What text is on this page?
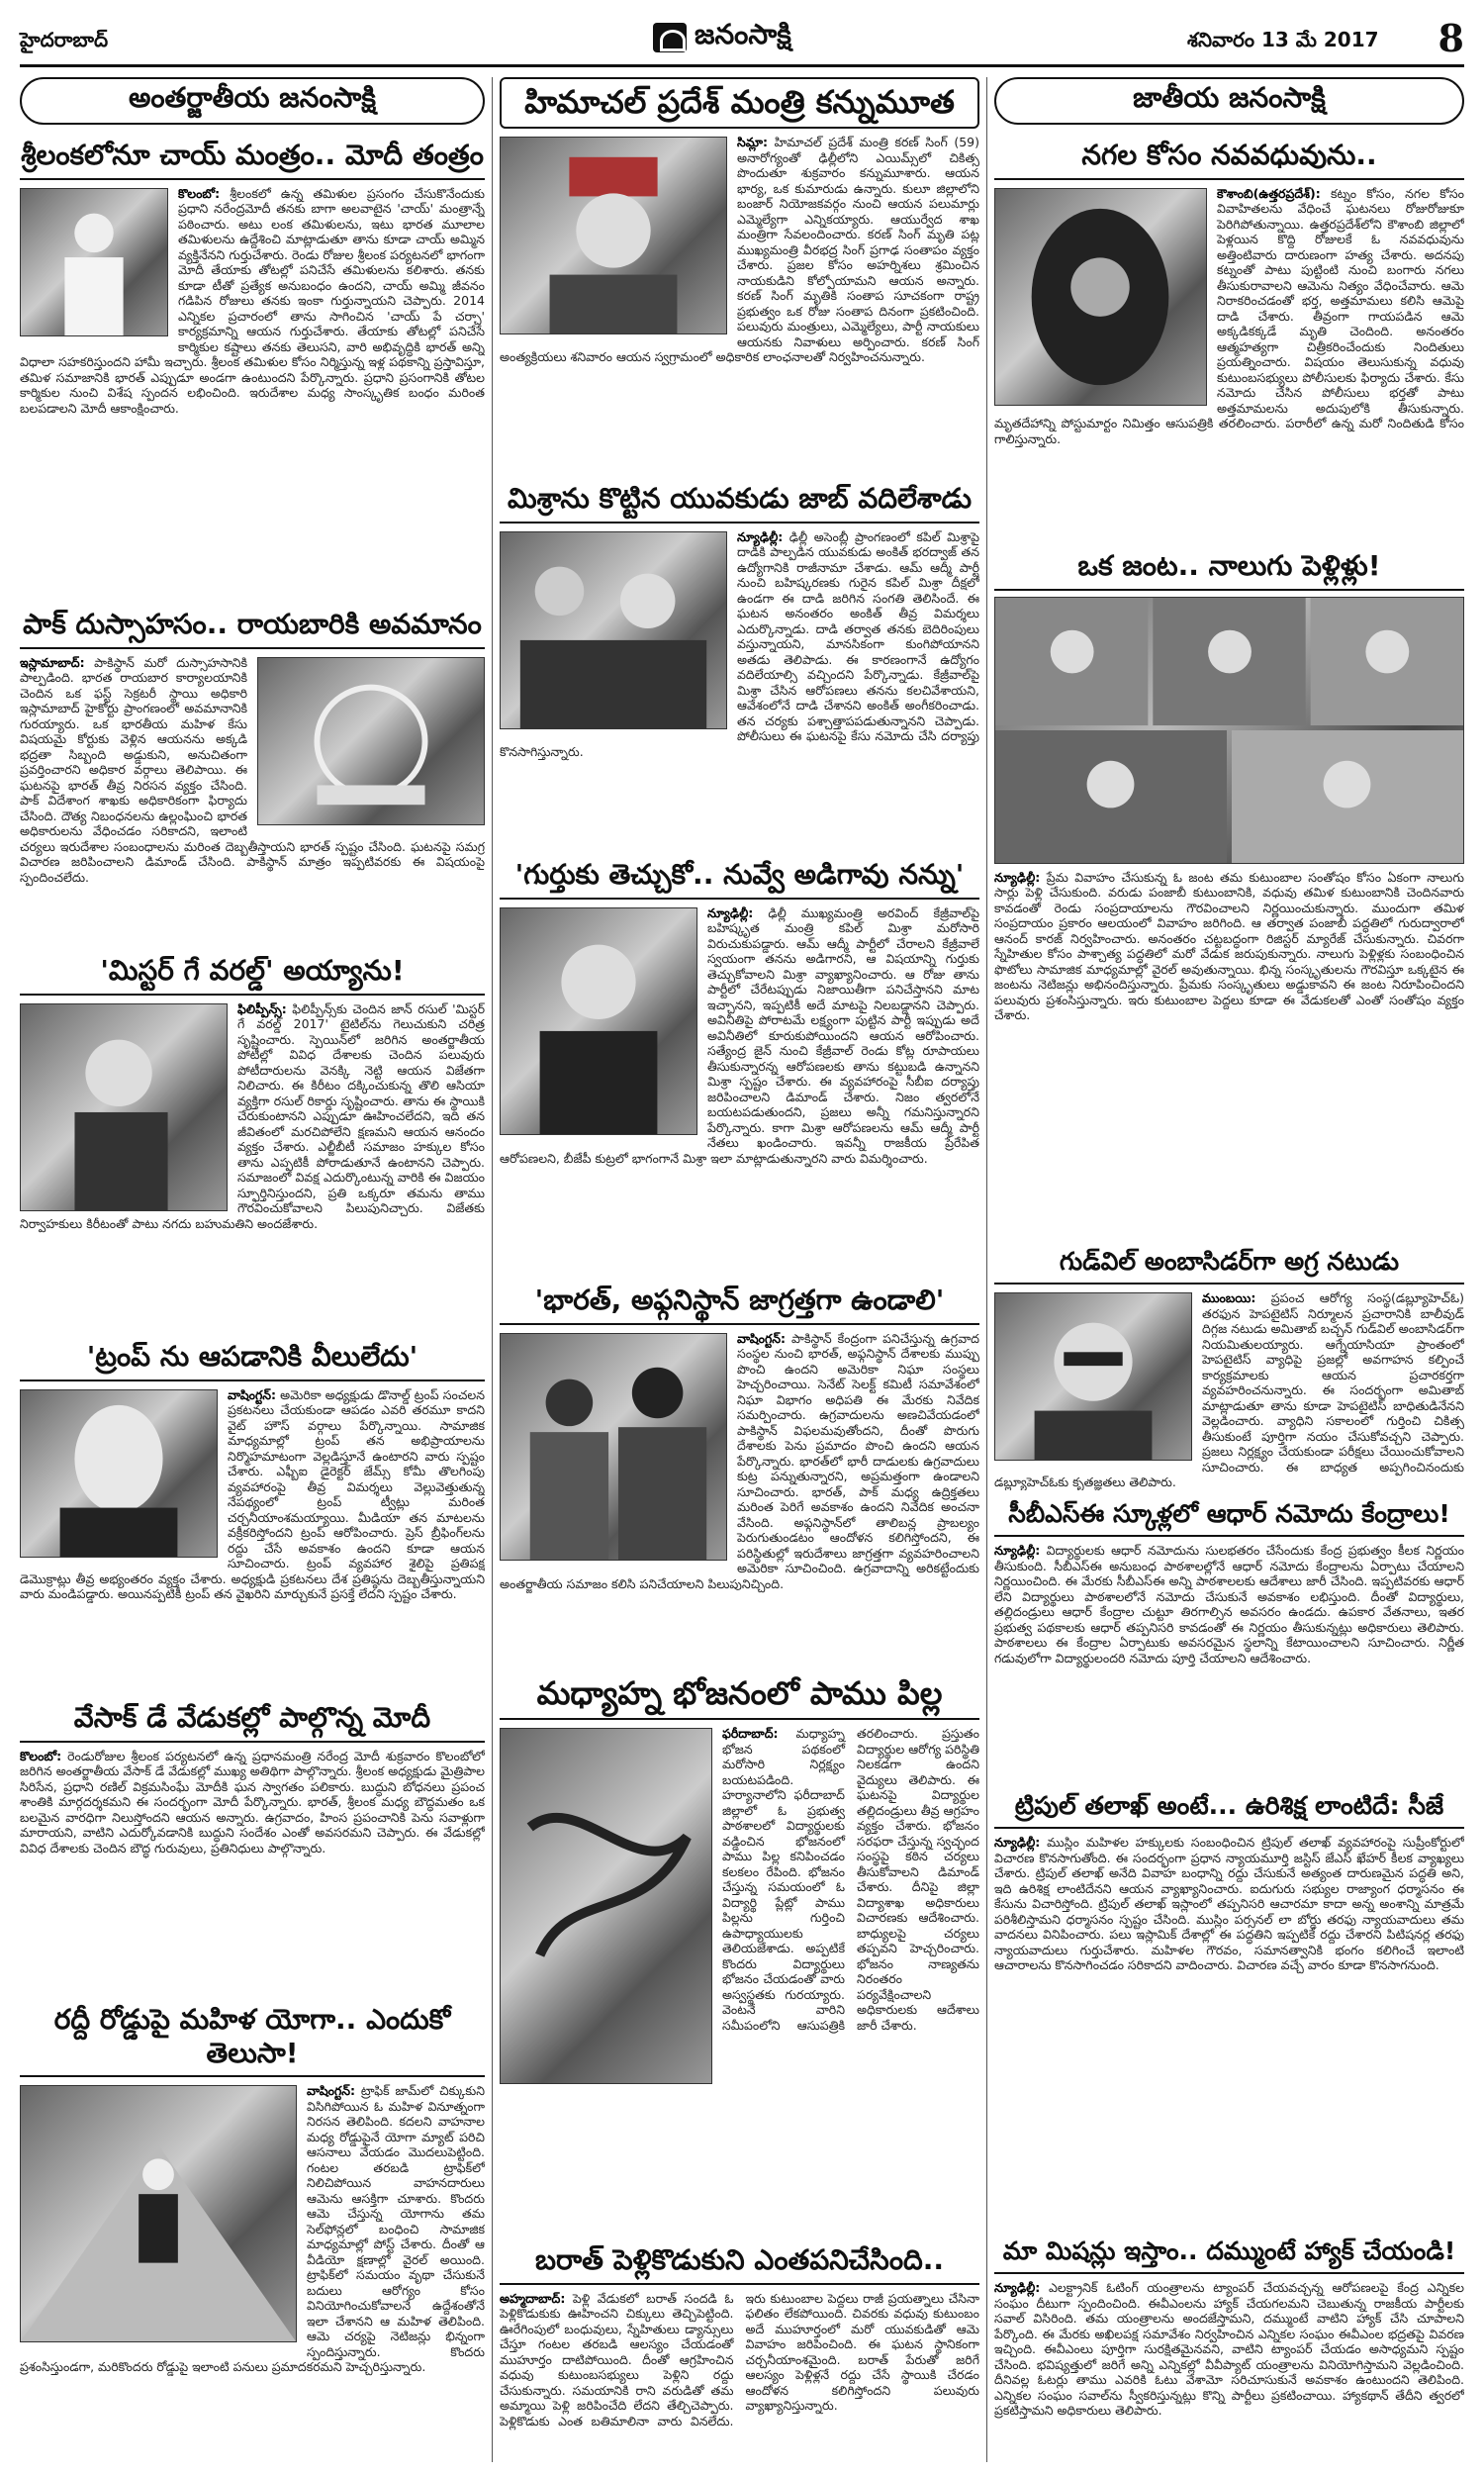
హైదరాబాద్	జనంసాక్షి	శనివారం 13 మే 2017 8
అంతర్జాతీయ జనంసాక్షి
శ్రీలంకలోనూ చాయ్ మంత్రం.. మోదీ తంత్రం
కొలంబో: శ్రీలంకలో ఉన్న తమిళుల ప్రసంగం చేసుకొనేందుకు ప్రధాని నరేంద్రమోదీ తనకు బాగా అలవాటైన 'చాయ్' మంత్రాన్నే పఠించారు. అటు లంక తమిళులను, ఇటు భారత మూలాల తమిళులను ఉద్దేశించి మాట్లాడుతూ తాను కూడా చాయ్ అమ్మిన వ్యక్తినేనని గుర్తుచేశారు. రెండు రోజుల శ్రీలంక పర్యటనలో భాగంగా మోదీ తేయాకు తోటల్లో పనిచేసే తమిళులను కలిశారు. తనకు కూడా టీతో ప్రత్యేక అనుబంధం ఉందని, చాయ్ అమ్మి జీవనం గడిపిన రోజులు తనకు ఇంకా గుర్తున్నాయని చెప్పారు. 2014 ఎన్నికల ప్రచారంలో తాను సాగించిన 'చాయ్ పే చర్చా' కార్యక్రమాన్ని ఆయన గుర్తుచేశారు. తేయాకు తోటల్లో పనిచేసే కార్మికుల కష్టాలు తనకు తెలుసని, వారి అభివృద్ధికి భారత్ అన్ని విధాలా సహకరిస్తుందని హామీ ఇచ్చారు. శ్రీలంక తమిళుల కోసం నిర్మిస్తున్న ఇళ్ల పథకాన్ని ప్రస్తావిస్తూ, తమిళ సమాజానికి భారత్ ఎప్పుడూ అండగా ఉంటుందని పేర్కొన్నారు. ప్రధాని ప్రసంగానికి తోటల కార్మికుల నుంచి విశేష స్పందన లభించింది. ఇరుదేశాల మధ్య సాంస్కృతిక బంధం మరింత బలపడాలని మోదీ ఆకాంక్షించారు.
పాక్ దుస్సాహసం.. రాయబారికి అవమానం
ఇస్లామాబాద్: పాకిస్థాన్ మరో దుస్సాహసానికి పాల్పడింది. భారత రాయబార కార్యాలయానికి చెందిన ఒక ఫస్ట్ సెక్రటరీ స్థాయి అధికారి ఇస్లామాబాద్ హైకోర్టు ప్రాంగణంలో అవమానానికి గురయ్యారు. ఒక భారతీయ మహిళ కేసు విషయమై కోర్టుకు వెళ్లిన ఆయనను అక్కడి భద్రతా సిబ్బంది అడ్డుకుని, అనుచితంగా ప్రవర్తించారని అధికార వర్గాలు తెలిపాయి. ఈ ఘటనపై భారత్ తీవ్ర నిరసన వ్యక్తం చేసింది. పాక్ విదేశాంగ శాఖకు అధికారికంగా ఫిర్యాదు చేసింది. దౌత్య నిబంధనలను ఉల్లంఘించి భారత అధికారులను వేధించడం సరికాదని, ఇలాంటి చర్యలు ఇరుదేశాల సంబంధాలను మరింత దెబ్బతీస్తాయని భారత్ స్పష్టం చేసింది. ఘటనపై సమగ్ర విచారణ జరిపించాలని డిమాండ్ చేసింది. పాకిస్థాన్ మాత్రం ఇప్పటివరకు ఈ విషయంపై స్పందించలేదు.
'మిస్టర్ గే వరల్డ్' అయ్యాను!
ఫిలిప్పీన్స్: ఫిలిప్పీన్స్‌కు చెందిన జాన్ రసుల్ 'మిస్టర్ గే వరల్డ్ 2017' టైటిల్‌ను గెలుచుకుని చరిత్ర సృష్టించారు. స్పెయిన్‌లో జరిగిన అంతర్జాతీయ పోటీల్లో వివిధ దేశాలకు చెందిన పలువురు పోటీదారులను వెనక్కి నెట్టి ఆయన విజేతగా నిలిచారు. ఈ కిరీటం దక్కించుకున్న తొలి ఆసియా వ్యక్తిగా రసుల్ రికార్డు సృష్టించారు. తాను ఈ స్థాయికి చేరుకుంటానని ఎప్పుడూ ఊహించలేదని, ఇది తన జీవితంలో మరచిపోలేని క్షణమని ఆయన ఆనందం వ్యక్తం చేశారు. ఎల్జీబీటీ సమాజం హక్కుల కోసం తాను ఎప్పటికీ పోరాడుతూనే ఉంటానని చెప్పారు. సమాజంలో వివక్ష ఎదుర్కొంటున్న వారికి ఈ విజయం స్ఫూర్తినిస్తుందని, ప్రతి ఒక్కరూ తమను తాము గౌరవించుకోవాలని పిలుపునిచ్చారు. విజేతకు నిర్వాహకులు కిరీటంతో పాటు నగదు బహుమతిని అందజేశారు.
'ట్రంప్ ను ఆపడానికి వీలులేదు'
వాషింగ్టన్: అమెరికా అధ్యక్షుడు డొనాల్డ్ ట్రంప్ సంచలన ప్రకటనలు చేయకుండా ఆపడం ఎవరి తరమూ కాదని వైట్ హౌస్ వర్గాలు పేర్కొన్నాయి. సామాజిక మాధ్యమాల్లో ట్రంప్ తన అభిప్రాయాలను నిర్మొహమాటంగా వెల్లడిస్తూనే ఉంటారని వారు స్పష్టం చేశారు. ఎఫ్బీఐ డైరెక్టర్ జేమ్స్ కోమీ తొలగింపు వ్యవహారంపై తీవ్ర విమర్శలు వెల్లువెత్తుతున్న నేపథ్యంలో ట్రంప్ ట్వీట్లు మరింత చర్చనీయాంశమయ్యాయి. మీడియా తన మాటలను వక్రీకరిస్తోందని ట్రంప్ ఆరోపించారు. ప్రెస్ బ్రీఫింగ్‌లను రద్దు చేసే అవకాశం ఉందని కూడా ఆయన సూచించారు. ట్రంప్ వ్యవహార శైలిపై ప్రతిపక్ష డెమొక్రాట్లు తీవ్ర అభ్యంతరం వ్యక్తం చేశారు. అధ్యక్షుడి ప్రకటనలు దేశ ప్రతిష్ఠను దెబ్బతీస్తున్నాయని వారు మండిపడ్డారు. అయినప్పటికీ ట్రంప్ తన వైఖరిని మార్చుకునే ప్రసక్తే లేదని స్పష్టం చేశారు.
వేసాక్ డే వేడుకల్లో పాల్గొన్న మోదీ
కొలంబో: రెండురోజుల శ్రీలంక పర్యటనలో ఉన్న ప్రధానమంత్రి నరేంద్ర మోదీ శుక్రవారం కొలంబోలో జరిగిన అంతర్జాతీయ వేసాక్ డే వేడుకల్లో ముఖ్య అతిథిగా పాల్గొన్నారు. శ్రీలంక అధ్యక్షుడు మైత్రిపాల సిరిసేన, ప్రధాని రణిల్ విక్రమసింఘే మోదీకి ఘన స్వాగతం పలికారు. బుద్ధుని బోధనలు ప్రపంచ శాంతికి మార్గదర్శకమని ఈ సందర్భంగా మోదీ పేర్కొన్నారు. భారత్, శ్రీలంక మధ్య బౌద్ధమతం ఒక బలమైన వారధిగా నిలుస్తోందని ఆయన అన్నారు. ఉగ్రవాదం, హింస ప్రపంచానికి పెను సవాళ్లుగా మారాయని, వాటిని ఎదుర్కోవడానికి బుద్ధుని సందేశం ఎంతో అవసరమని చెప్పారు. ఈ వేడుకల్లో వివిధ దేశాలకు చెందిన బౌద్ధ గురువులు, ప్రతినిధులు పాల్గొన్నారు.
రద్దీ రోడ్డుపై మహిళ యోగా.. ఎందుకో తెలుసా!
వాషింగ్టన్: ట్రాఫిక్ జామ్‌లో చిక్కుకుని విసిగిపోయిన ఓ మహిళ వినూత్నంగా నిరసన తెలిపింది. కదలని వాహనాల మధ్య రోడ్డుపైనే యోగా మ్యాట్ పరిచి ఆసనాలు వేయడం మొదలుపెట్టింది. గంటల తరబడి ట్రాఫిక్‌లో నిలిచిపోయిన వాహనదారులు ఆమెను ఆసక్తిగా చూశారు. కొందరు ఆమె చేస్తున్న యోగాను తమ సెల్‌ఫోన్లలో బంధించి సామాజిక మాధ్యమాల్లో పోస్ట్ చేశారు. దీంతో ఆ వీడియో క్షణాల్లో వైరల్ అయింది. ట్రాఫిక్‌లో సమయం వృథా చేసుకునే బదులు ఆరోగ్యం కోసం వినియోగించుకోవాలనే ఉద్దేశంతోనే ఇలా చేశానని ఆ మహిళ తెలిపింది. ఆమె చర్యపై నెటిజన్లు భిన్నంగా స్పందిస్తున్నారు. కొందరు ప్రశంసిస్తుండగా, మరికొందరు రోడ్డుపై ఇలాంటి పనులు ప్రమాదకరమని హెచ్చరిస్తున్నారు.
హిమాచల్ ప్రదేశ్ మంత్రి కన్నుమూత
సిమ్లా: హిమాచల్ ప్రదేశ్ మంత్రి కరణ్ సింగ్ (59) అనారోగ్యంతో ఢిల్లీలోని ఎయిమ్స్‌లో చికిత్స పొందుతూ శుక్రవారం కన్నుమూశారు. ఆయన భార్య, ఒక కుమారుడు ఉన్నారు. కులూ జిల్లాలోని బంజార్ నియోజకవర్గం నుంచి ఆయన పలుమార్లు ఎమ్మెల్యేగా ఎన్నికయ్యారు. ఆయుర్వేద శాఖ మంత్రిగా సేవలందించారు. కరణ్ సింగ్ మృతి పట్ల ముఖ్యమంత్రి వీరభద్ర సింగ్ ప్రగాఢ సంతాపం వ్యక్తం చేశారు. ప్రజల కోసం అహర్నిశలు శ్రమించిన నాయకుడిని కోల్పోయామని ఆయన అన్నారు. కరణ్ సింగ్ మృతికి సంతాప సూచకంగా రాష్ట్ర ప్రభుత్వం ఒక రోజు సంతాప దినంగా ప్రకటించింది. పలువురు మంత్రులు, ఎమ్మెల్యేలు, పార్టీ నాయకులు ఆయనకు నివాళులు అర్పించారు. కరణ్ సింగ్ అంత్యక్రియలు శనివారం ఆయన స్వగ్రామంలో అధికారిక లాంఛనాలతో నిర్వహించనున్నారు.
మిశ్రాను కొట్టిన యువకుడు జాబ్ వదిలేశాడు
న్యూఢిల్లీ: ఢిల్లీ అసెంబ్లీ ప్రాంగణంలో కపిల్ మిశ్రాపై దాడికి పాల్పడిన యువకుడు అంకిత్ భరద్వాజ్ తన ఉద్యోగానికి రాజీనామా చేశాడు. ఆమ్ ఆద్మీ పార్టీ నుంచి బహిష్కరణకు గురైన కపిల్ మిశ్రా దీక్షలో ఉండగా ఈ దాడి జరిగిన సంగతి తెలిసిందే. ఈ ఘటన అనంతరం అంకిత్ తీవ్ర విమర్శలు ఎదుర్కొన్నాడు. దాడి తర్వాత తనకు బెదిరింపులు వస్తున్నాయని, మానసికంగా కుంగిపోయానని అతడు తెలిపాడు. ఈ కారణంగానే ఉద్యోగం వదిలేయాల్సి వచ్చిందని పేర్కొన్నాడు. కేజ్రీవాల్‌పై మిశ్రా చేసిన ఆరోపణలు తనను కలచివేశాయని, ఆవేశంలోనే దాడి చేశానని అంకిత్ అంగీకరించాడు. తన చర్యకు పశ్చాత్తాపపడుతున్నానని చెప్పాడు. పోలీసులు ఈ ఘటనపై కేసు నమోదు చేసి దర్యాప్తు కొనసాగిస్తున్నారు.
'గుర్తుకు తెచ్చుకో.. నువ్వే అడిగావు నన్ను'
న్యూఢిల్లీ: ఢిల్లీ ముఖ్యమంత్రి అరవింద్ కేజ్రీవాల్‌పై బహిష్కృత మంత్రి కపిల్ మిశ్రా మరోసారి విరుచుకుపడ్డారు. ఆమ్ ఆద్మీ పార్టీలో చేరాలని కేజ్రీవాలే స్వయంగా తనను అడిగారని, ఆ విషయాన్ని గుర్తుకు తెచ్చుకోవాలని మిశ్రా వ్యాఖ్యానించారు. ఆ రోజు తాను పార్టీలో చేరేటప్పుడు నిజాయితీగా పనిచేస్తానని మాట ఇచ్చానని, ఇప్పటికీ అదే మాటపై నిలబడ్డానని చెప్పారు. అవినీతిపై పోరాటమే లక్ష్యంగా పుట్టిన పార్టీ ఇప్పుడు అదే అవినీతిలో కూరుకుపోయిందని ఆయన ఆరోపించారు. సత్యేంద్ర జైన్ నుంచి కేజ్రీవాల్ రెండు కోట్ల రూపాయలు తీసుకున్నారన్న ఆరోపణలకు తాను కట్టుబడి ఉన్నానని మిశ్రా స్పష్టం చేశారు. ఈ వ్యవహారంపై సీబీఐ దర్యాప్తు జరిపించాలని డిమాండ్ చేశారు. నిజం త్వరలోనే బయటపడుతుందని, ప్రజలు అన్నీ గమనిస్తున్నారని పేర్కొన్నారు. కాగా మిశ్రా ఆరోపణలను ఆమ్ ఆద్మీ పార్టీ నేతలు ఖండించారు. ఇవన్నీ రాజకీయ ప్రేరేపిత ఆరోపణలని, బీజేపీ కుట్రలో భాగంగానే మిశ్రా ఇలా మాట్లాడుతున్నారని వారు విమర్శించారు.
'భారత్, అఫ్గనిస్థాన్ జాగ్రత్తగా ఉండాలి'
వాషింగ్టన్: పాకిస్థాన్ కేంద్రంగా పనిచేస్తున్న ఉగ్రవాద సంస్థల నుంచి భారత్, అఫ్గనిస్థాన్ దేశాలకు ముప్పు పొంచి ఉందని అమెరికా నిఘా సంస్థలు హెచ్చరించాయి. సెనేట్ సెలక్ట్ కమిటీ సమావేశంలో నిఘా విభాగం అధిపతి ఈ మేరకు నివేదిక సమర్పించారు. ఉగ్రవాదులను అణచివేయడంలో పాకిస్థాన్ విఫలమవుతోందని, దీంతో పొరుగు దేశాలకు పెను ప్రమాదం పొంచి ఉందని ఆయన పేర్కొన్నారు. భారత్‌లో భారీ దాడులకు ఉగ్రవాదులు కుట్ర పన్నుతున్నారని, అప్రమత్తంగా ఉండాలని సూచించారు. భారత్, పాక్ మధ్య ఉద్రిక్తతలు మరింత పెరిగే అవకాశం ఉందని నివేదిక అంచనా వేసింది. అఫ్గనిస్థాన్‌లో తాలిబన్ల ప్రాబల్యం పెరుగుతుండటం ఆందోళన కలిగిస్తోందని, ఈ పరిస్థితుల్లో ఇరుదేశాలు జాగ్రత్తగా వ్యవహరించాలని అమెరికా సూచించింది. ఉగ్రవాదాన్ని అరికట్టేందుకు అంతర్జాతీయ సమాజం కలిసి పనిచేయాలని పిలుపునిచ్చింది.
మధ్యాహ్న భోజనంలో పాము పిల్ల
ఫరీదాబాద్: మధ్యాహ్న భోజన పథకంలో మరోసారి నిర్లక్ష్యం బయటపడింది. హర్యానాలోని ఫరీదాబాద్ జిల్లాలో ఓ ప్రభుత్వ పాఠశాలలో విద్యార్థులకు వడ్డించిన భోజనంలో పాము పిల్ల కనిపించడం కలకలం రేపింది. భోజనం చేస్తున్న సమయంలో ఓ విద్యార్థి ప్లేట్లో పాము పిల్లను గుర్తించి ఉపాధ్యాయులకు తెలియజేశాడు. అప్పటికే కొందరు విద్యార్థులు భోజనం చేయడంతో వారు అస్వస్థతకు గురయ్యారు. వెంటనే వారిని సమీపంలోని ఆసుపత్రికి తరలించారు. ప్రస్తుతం విద్యార్థుల ఆరోగ్య పరిస్థితి నిలకడగా ఉందని వైద్యులు తెలిపారు. ఈ ఘటనపై విద్యార్థుల తల్లిదండ్రులు తీవ్ర ఆగ్రహం వ్యక్తం చేశారు. భోజనం సరఫరా చేస్తున్న స్వచ్ఛంద సంస్థపై కఠిన చర్యలు తీసుకోవాలని డిమాండ్ చేశారు. దీనిపై జిల్లా విద్యాశాఖ అధికారులు విచారణకు ఆదేశించారు. బాధ్యులపై చర్యలు తప్పవని హెచ్చరించారు. భోజనం నాణ్యతను నిరంతరం పర్యవేక్షించాలని అధికారులకు ఆదేశాలు జారీ చేశారు.
బరాత్ పెళ్లికొడుకుని ఎంతపనిచేసింది..
అహ్మదాబాద్: పెళ్లి వేడుకలో బరాత్ సందడి ఓ పెళ్లికొడుకుకు ఊహించని చిక్కులు తెచ్చిపెట్టింది. ఊరేగింపులో బంధువులు, స్నేహితులు డ్యాన్సులు చేస్తూ గంటల తరబడి ఆలస్యం చేయడంతో ముహూర్తం దాటిపోయింది. దీంతో ఆగ్రహించిన వధువు కుటుంబసభ్యులు పెళ్లిని రద్దు చేసుకున్నారు. సమయానికి రాని వరుడితో తమ అమ్మాయి పెళ్లి జరిపించేది లేదని తేల్చిచెప్పారు. పెళ్లికొడుకు ఎంత బతిమాలినా వారు వినలేదు. ఇరు కుటుంబాల పెద్దలు రాజీ ప్రయత్నాలు చేసినా ఫలితం లేకపోయింది. చివరకు వధువు కుటుంబం అదే ముహూర్తంలో మరో యువకుడితో ఆమె వివాహం జరిపించింది. ఈ ఘటన స్థానికంగా చర్చనీయాంశమైంది. బరాత్ పేరుతో జరిగే ఆలస్యం పెళ్లిళ్లనే రద్దు చేసే స్థాయికి చేరడం ఆందోళన కలిగిస్తోందని పలువురు వ్యాఖ్యానిస్తున్నారు.
జాతీయ జనంసాక్షి
నగల కోసం నవవధువును..
కౌశాంబి(ఉత్తరప్రదేశ్): కట్నం కోసం, నగల కోసం వివాహితలను వేధించే ఘటనలు రోజురోజుకూ పెరిగిపోతున్నాయి. ఉత్తరప్రదేశ్‌లోని కౌశాంబి జిల్లాలో పెళ్లయిన కొద్ది రోజులకే ఓ నవవధువును అత్తింటివారు దారుణంగా హత్య చేశారు. అదనపు కట్నంతో పాటు పుట్టింటి నుంచి బంగారు నగలు తీసుకురావాలని ఆమెను నిత్యం వేధించేవారు. ఆమె నిరాకరించడంతో భర్త, అత్తమామలు కలిసి ఆమెపై దాడి చేశారు. తీవ్రంగా గాయపడిన ఆమె అక్కడికక్కడే మృతి చెందింది. అనంతరం ఆత్మహత్యగా చిత్రీకరించేందుకు నిందితులు ప్రయత్నించారు. విషయం తెలుసుకున్న వధువు కుటుంబసభ్యులు పోలీసులకు ఫిర్యాదు చేశారు. కేసు నమోదు చేసిన పోలీసులు భర్తతో పాటు అత్తమామలను అదుపులోకి తీసుకున్నారు. మృతదేహాన్ని పోస్టుమార్టం నిమిత్తం ఆసుపత్రికి తరలించారు. పరారీలో ఉన్న మరో నిందితుడి కోసం గాలిస్తున్నారు.
ఒక జంట.. నాలుగు పెళ్లిళ్లు!
న్యూఢిల్లీ: ప్రేమ వివాహం చేసుకున్న ఓ జంట తమ కుటుంబాల సంతోషం కోసం ఏకంగా నాలుగు సార్లు పెళ్లి చేసుకుంది. వరుడు పంజాబీ కుటుంబానికి, వధువు తమిళ కుటుంబానికి చెందినవారు కావడంతో రెండు సంప్రదాయాలను గౌరవించాలని నిర్ణయించుకున్నారు. ముందుగా తమిళ సంప్రదాయం ప్రకారం ఆలయంలో వివాహం జరిగింది. ఆ తర్వాత పంజాబీ పద్ధతిలో గురుద్వారాలో ఆనంద్ కారజ్ నిర్వహించారు. అనంతరం చట్టబద్ధంగా రిజిస్టర్ మ్యారేజ్ చేసుకున్నారు. చివరగా స్నేహితుల కోసం పాశ్చాత్య పద్ధతిలో మరో వేడుక జరుపుకున్నారు. నాలుగు పెళ్లిళ్లకు సంబంధించిన ఫొటోలు సామాజిక మాధ్యమాల్లో వైరల్ అవుతున్నాయి. భిన్న సంస్కృతులను గౌరవిస్తూ ఒక్కటైన ఈ జంటను నెటిజన్లు అభినందిస్తున్నారు. ప్రేమకు సంస్కృతులు అడ్డుకావని ఈ జంట నిరూపించిందని పలువురు ప్రశంసిస్తున్నారు. ఇరు కుటుంబాల పెద్దలు కూడా ఈ వేడుకలతో ఎంతో సంతోషం వ్యక్తం చేశారు.
గుడ్‌విల్ అంబాసిడర్‌గా అగ్ర నటుడు
ముంబయి: ప్రపంచ ఆరోగ్య సంస్థ(డబ్ల్యూహెచ్‌ఓ) తరఫున హెపటైటిస్ నిర్మూలన ప్రచారానికి బాలీవుడ్ దిగ్గజ నటుడు అమితాబ్ బచ్చన్ గుడ్‌విల్ అంబాసిడర్‌గా నియమితులయ్యారు. ఆగ్నేయాసియా ప్రాంతంలో హెపటైటిస్ వ్యాధిపై ప్రజల్లో అవగాహన కల్పించే కార్యక్రమాలకు ఆయన ప్రచారకర్తగా వ్యవహరించనున్నారు. ఈ సందర్భంగా అమితాబ్ మాట్లాడుతూ తాను కూడా హెపటైటిస్ బాధితుడినేనని వెల్లడించారు. వ్యాధిని సకాలంలో గుర్తించి చికిత్స తీసుకుంటే పూర్తిగా నయం చేసుకోవచ్చని చెప్పారు. ప్రజలు నిర్లక్ష్యం చేయకుండా పరీక్షలు చేయించుకోవాలని సూచించారు. ఈ బాధ్యత అప్పగించినందుకు డబ్ల్యూహెచ్‌ఓకు కృతజ్ఞతలు తెలిపారు.
సీబీఎస్ఈ స్కూళ్లలో ఆధార్ నమోదు కేంద్రాలు!
న్యూఢిల్లీ: విద్యార్థులకు ఆధార్ నమోదును సులభతరం చేసేందుకు కేంద్ర ప్రభుత్వం కీలక నిర్ణయం తీసుకుంది. సీబీఎస్ఈ అనుబంధ పాఠశాలల్లోనే ఆధార్ నమోదు కేంద్రాలను ఏర్పాటు చేయాలని నిర్ణయించింది. ఈ మేరకు సీబీఎస్ఈ అన్ని పాఠశాలలకు ఆదేశాలు జారీ చేసింది. ఇప్పటివరకు ఆధార్ లేని విద్యార్థులు పాఠశాలలోనే నమోదు చేసుకునే అవకాశం లభిస్తుంది. దీంతో విద్యార్థులు, తల్లిదండ్రులు ఆధార్ కేంద్రాల చుట్టూ తిరగాల్సిన అవసరం ఉండదు. ఉపకార వేతనాలు, ఇతర ప్రభుత్వ పథకాలకు ఆధార్ తప్పనిసరి కావడంతో ఈ నిర్ణయం తీసుకున్నట్లు అధికారులు తెలిపారు. పాఠశాలలు ఈ కేంద్రాల ఏర్పాటుకు అవసరమైన స్థలాన్ని కేటాయించాలని సూచించారు. నిర్ణీత గడువులోగా విద్యార్థులందరి నమోదు పూర్తి చేయాలని ఆదేశించారు.
ట్రిపుల్ తలాఖ్ అంటే... ఉరిశిక్ష లాంటిదే: సీజే
న్యూఢిల్లీ: ముస్లిం మహిళల హక్కులకు సంబంధించిన ట్రిపుల్ తలాఖ్ వ్యవహారంపై సుప్రీంకోర్టులో విచారణ కొనసాగుతోంది. ఈ సందర్భంగా ప్రధాన న్యాయమూర్తి జస్టిస్ జేఎస్ ఖేహర్ కీలక వ్యాఖ్యలు చేశారు. ట్రిపుల్ తలాఖ్ అనేది వివాహ బంధాన్ని రద్దు చేసుకునే అత్యంత దారుణమైన పద్ధతి అని, ఇది ఉరిశిక్ష లాంటిదేనని ఆయన వ్యాఖ్యానించారు. ఐదుగురు సభ్యుల రాజ్యాంగ ధర్మాసనం ఈ కేసును విచారిస్తోంది. ట్రిపుల్ తలాఖ్ ఇస్లాంలో తప్పనిసరి ఆచారమా కాదా అన్న అంశాన్ని మాత్రమే పరిశీలిస్తామని ధర్మాసనం స్పష్టం చేసింది. ముస్లిం పర్సనల్ లా బోర్డు తరఫు న్యాయవాదులు తమ వాదనలు వినిపించారు. పలు ఇస్లామిక్ దేశాల్లో ఈ పద్ధతిని ఇప్పటికే రద్దు చేశారని పిటిషనర్ల తరఫు న్యాయవాదులు గుర్తుచేశారు. మహిళల గౌరవం, సమానత్వానికి భంగం కలిగించే ఇలాంటి ఆచారాలను కొనసాగించడం సరికాదని వాదించారు. విచారణ వచ్చే వారం కూడా కొనసాగనుంది.
మా మిషన్లు ఇస్తాం.. దమ్ముంటే హ్యాక్ చేయండి!
న్యూఢిల్లీ: ఎలక్ట్రానిక్ ఓటింగ్ యంత్రాలను ట్యాంపర్ చేయవచ్చన్న ఆరోపణలపై కేంద్ర ఎన్నికల సంఘం దీటుగా స్పందించింది. ఈవీఎంలను హ్యాక్ చేయగలమని చెబుతున్న రాజకీయ పార్టీలకు సవాల్ విసిరింది. తమ యంత్రాలను అందజేస్తామని, దమ్ముంటే వాటిని హ్యాక్ చేసి చూపాలని పేర్కొంది. ఈ మేరకు అఖిలపక్ష సమావేశం నిర్వహించిన ఎన్నికల సంఘం ఈవీఎంల భద్రతపై వివరణ ఇచ్చింది. ఈవీఎంలు పూర్తిగా సురక్షితమైనవని, వాటిని ట్యాంపర్ చేయడం అసాధ్యమని స్పష్టం చేసింది. భవిష్యత్తులో జరిగే అన్ని ఎన్నికల్లో వీవీప్యాట్ యంత్రాలను వినియోగిస్తామని వెల్లడించింది. దీనివల్ల ఓటర్లు తాము ఎవరికి ఓటు వేశామో సరిచూసుకునే అవకాశం ఉంటుందని తెలిపింది. ఎన్నికల సంఘం సవాల్‌ను స్వీకరిస్తున్నట్లు కొన్ని పార్టీలు ప్రకటించాయి. హ్యాకథాన్ తేదీని త్వరలో ప్రకటిస్తామని అధికారులు తెలిపారు.
